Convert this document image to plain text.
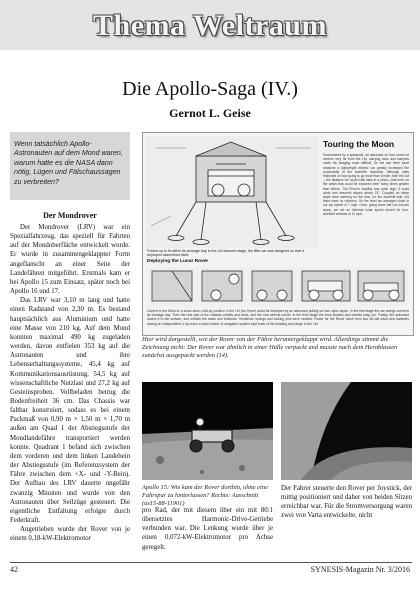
Thema Weltraum
Die Apollo-Saga (IV.)
Gernot L. Geise
Wenn tatsächlich Apollo-Astronauten auf dem Mond waren, warum hatte es die NASA dann nötig, Lügen und Fälschaussagen zu verbreiten?
Der Mondrover

Der Mondrover (LRV) war ein Spezialfahrzeug, das speziell für Fahrten auf der Mondoberfläche entwickelt wurde. Er wurde in zusammengeklappter Form angeflanscht an einer Seite der Landefähren mitgeführt. Erstmals kam er bei Apollo 15 zum Einsatz, später noch bei Apollo 16 und 17.

Das LRV war 3,10 m lang und hatte einen Radstand von 2,30 m. Es bestand hauptsächlich aus Aluminium und hatte eine Masse von 210 kg. Auf dem Mond konnten maximal 490 kg zugeladen werden, davon entfielen 353 kg auf die Astronauten und ihre Lebenserhaltungssysteme, 45,4 kg auf Kommunikationsausrüstung, 54,5 kg auf wissenschaftliche Nutzlast und 27,2 kg auf Gesteinsproben. Vollbeladen betrug die Bodenfreiheit 36 cm. Das Chassis war faltbar konstruiert, sodass es bei einem Packmaß von 0,90 m × 1,50 m × 1,70 m außen am Quad 1 der Abstiegsstufe der Mondlandefähre transportiert werden konnte. Quadrant 1 befand sich zwischen dem vorderen und dem linken Landebein der Abstiegsstufe (im Referenzsystem der Fähre zwischen dem +X- und -Y-Bein). Der Aufbau des LRV dauerte ungefähr zwanzig Minuten und wurde von den Astronauten über Seilzüge gesteuert. Die eigentliche Entfaltung erfolgte durch Federkraft.

Angetrieben wurde der Rover von je einem 0,18-kW-Elektromotor

Touring the Moon
Encumbered by a spacesuit, an astronaut on foot could not venture very far from the LM, carrying tools and samples made his foraging more difficult. On the last three lunar missions a lightweight electric car greatly increased the productivity of the scientific traverses. Although rides restricted on how going to go more than 6 miles from the LM—the distance we could walk back in a pinch—that even on the areas that could be explored were many times greater than before. The Rover's mobility was quite high; it could climb and descend slopes above 25°. Coupled on steep slope were steering for the rear. On the downhill side, but there were no rollovers. On the level we averaged close to our top speed of 7 mph. Once, going down the Lee-Lincoln scarp, we set an informal lunar speed record for four-wheeled vehicles of 11 mph.
Folded up to fit within its stowage bay in the LM descent stage, the little car was designed so that it deployed assembled itself.
Deploying the Lunar Rover
Carried to the Moon in a snow-down, fold-up position in the LM, the Rover could be deployed by an astronaut pulling out two nylon tapes. In the first stage the car swings out from its stowage bay. Then the rear part of the chassis unfolds and locks, and the rear wheels unfold. In the third stage the front chassis and wheels snap out. Finally, the astronaut lowers it to the surface, and unfolds the seats and footrests. Tenderizer springs and locking pins were needed. Power for the Rover came from two 36-volt silver-zinc batteries driving an independent ¼ hp motor in each wheel. A navigation system kept track of the heading and range to the LM.
Hier wird dargestellt, wie der Rover von der Fähre heruntergeklappt wird. Allerdings stimmt die Zeichnung nicht: Der Rover war ähnlich in einer Hülle verpackt und musste nach dem Herablassen zunächst ausgepackt werden (14).
Apollo 15: Wie kam der Rover dorthin, ohne eine Fahrspur zu hinterlassen? Rechts: Ausschnitt (as15-88-11901)
pro Rad, der mit diesem über ein mit 80:1 übersetztes Harmonic-Drive-Getriebe verbunden war. Die Lenkung wurde über je einen 0,072-kW-Elektromotor pro Achse geregelt.
Der Fahrer steuerte den Rover per Joystick, der mittig positioniert und daher von beiden Sitzen erreichbar war. Für die Stromversorgung waren zwei von Varta entwickelte, nicht
42	SYNESIS-Magazin Nr. 3/2016
